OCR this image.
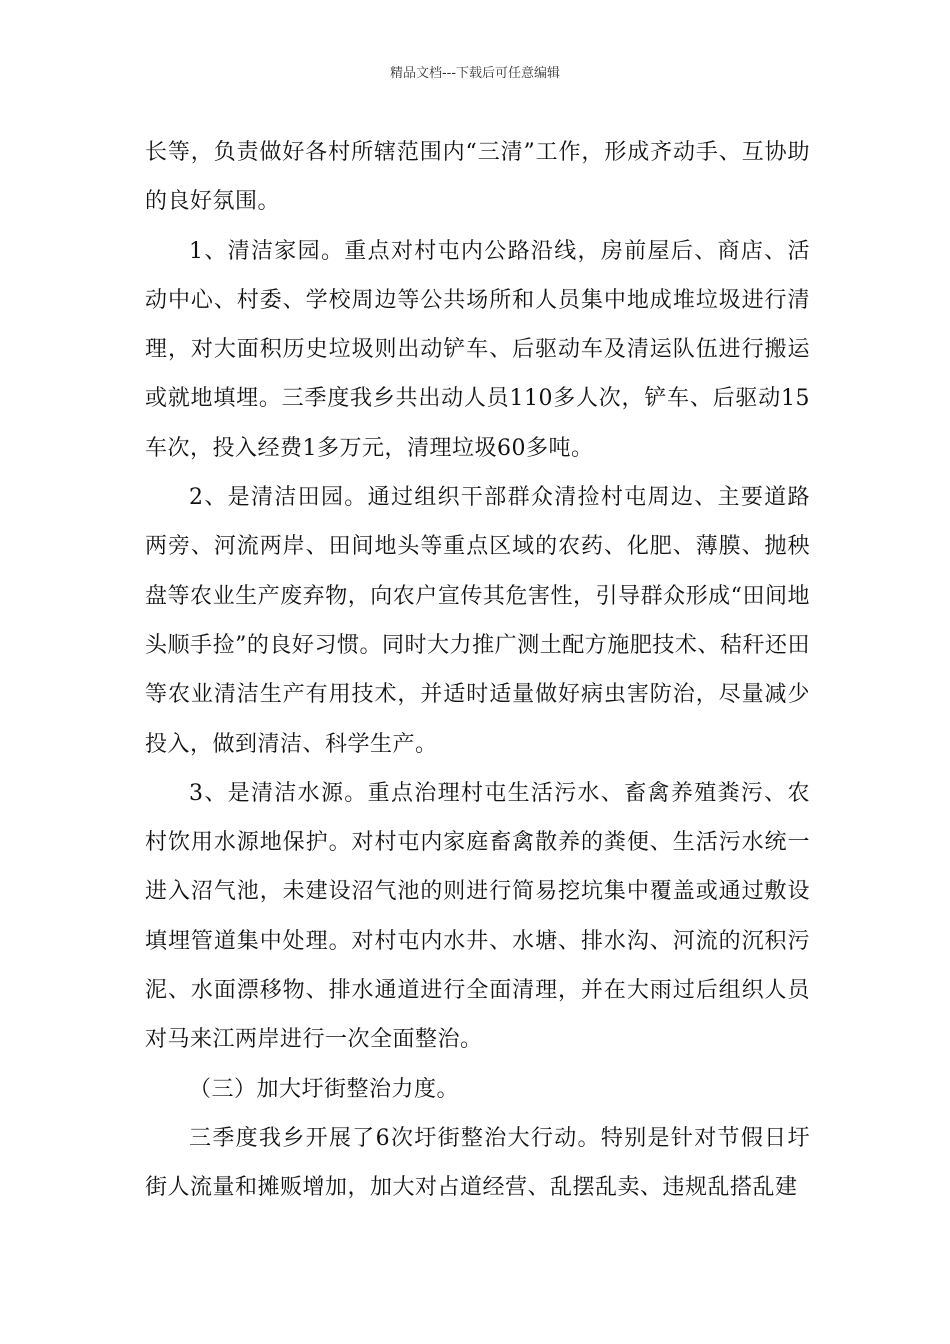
精品文档---下载后可任意编辑

长等，负责做好各村所辖范围内“三清”工作，形成齐动手、互协助的良好氛围。

1、清洁家园。重点对村屯内公路沿线，房前屋后、商店、活动中心、村委、学校周边等公共场所和人员集中地成堆垃圾进行清理，对大面积历史垃圾则出动铲车、后驱动车及清运队伍进行搬运或就地填埋。三季度我乡共出动人员110多人次，铲车、后驱动15车次，投入经费1多万元，清理垃圾60多吨。

2、是清洁田园。通过组织干部群众清捡村屯周边、主要道路两旁、河流两岸、田间地头等重点区域的农药、化肥、薄膜、抛秧盘等农业生产废弃物，向农户宣传其危害性，引导群众形成“田间地头顺手捡”的良好习惯。同时大力推广测土配方施肥技术、秸秆还田等农业清洁生产有用技术，并适时适量做好病虫害防治，尽量减少投入，做到清洁、科学生产。

3、是清洁水源。重点治理村屯生活污水、畜禽养殖粪污、农村饮用水源地保护。对村屯内家庭畜禽散养的粪便、生活污水统一进入沼气池，未建设沼气池的则进行简易挖坑集中覆盖或通过敷设填埋管道集中处理。对村屯内水井、水塘、排水沟、河流的沉积污泥、水面漂移物、排水通道进行全面清理，并在大雨过后组织人员对马来江两岸进行一次全面整治。

（三）加大圩街整治力度。

三季度我乡开展了6次圩街整治大行动。特别是针对节假日圩街人流量和摊贩增加，加大对占道经营、乱摆乱卖、违规乱搭乱建
